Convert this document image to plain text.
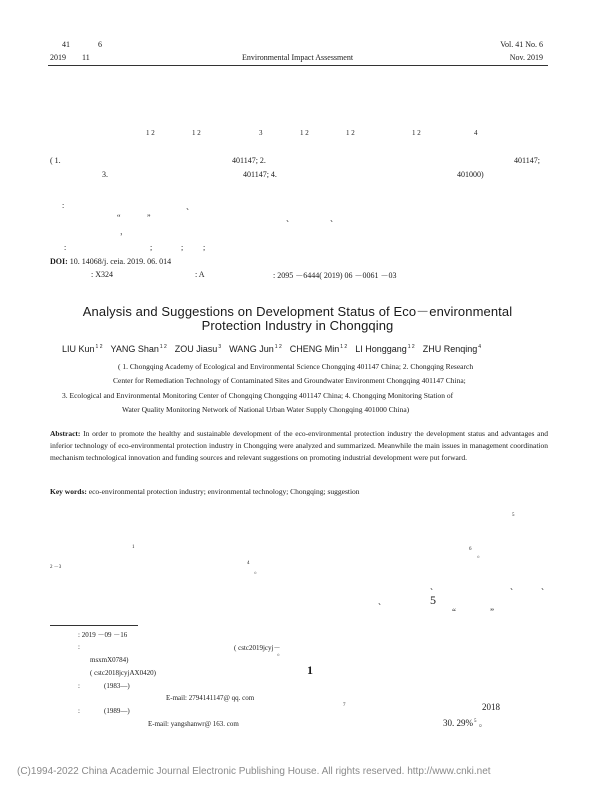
41	6
2019 11	Environmental Impact Assessment
Vol. 41 No. 6
Nov. 2019
1 2	1 2	3	1 2	1 2	1 2	4
( 1.	401147; 2.	401147;
3.	401147; 4.	401000)
:	、
“	”	、	、
，
:	;	; ;
DOI: 10. 14068/j. ceia. 2019. 06. 014
: X324	: A	: 2095 －6444( 2019) 06 －0061 －03
Analysis and Suggestions on Development Status of Eco－environmental
Protection Industry in Chongqing
LIU Kun$^{1 2}$ YANG Shan$^{1 2}$ ZOU Jiasu$^3$ WANG Jun$^{1 2}$ CHENG Min$^{1 2}$ LI Honggang$^{1 2}$ ZHU Renqing$^4$
( 1. Chongqing Academy of Ecological and Environmental Science Chongqing 401147 China; 2. Chongqing Research
Center for Remediation Technology of Contaminated Sites and Groundwater Environment Chongqing 401147 China;
3. Ecological and Environmental Monitoring Center of Chongqing Chongqing 401147 China; 4. Chongqing Monitoring Station of
Water Quality Monitoring Network of National Urban Water Supply Chongqing 401000 China)
Abstract: In order to promote the healthy and sustainable development of the eco-environmental protection industry the development status and advantages and inferior technology of eco-environmental protection industry in Chongqing were analyzed and summarized. Meanwhile the main issues in management coordination mechanism technological innovation and funding sources and relevant suggestions on promoting industrial development were put forward.
Key words: eco-environmental protection industry; environmental technology; Chongqing; suggestion
5
1	6
。
2 －3
4
。
、	、	、
、	5
“	”
: 2019 －09 －16
:	( cstc2019jcyj－
。
msxmX0784)
( cstc2018jcyjAX0420)
:	(1983—)
E-mail: 2794141147@ qq. com
:	(1989—)
E-mail: yangshanwr@ 163. com
1
7	2018
30. 29%$^5$ 。
(C)1994-2022 China Academic Journal Electronic Publishing House. All rights reserved. http://www.cnki.net
